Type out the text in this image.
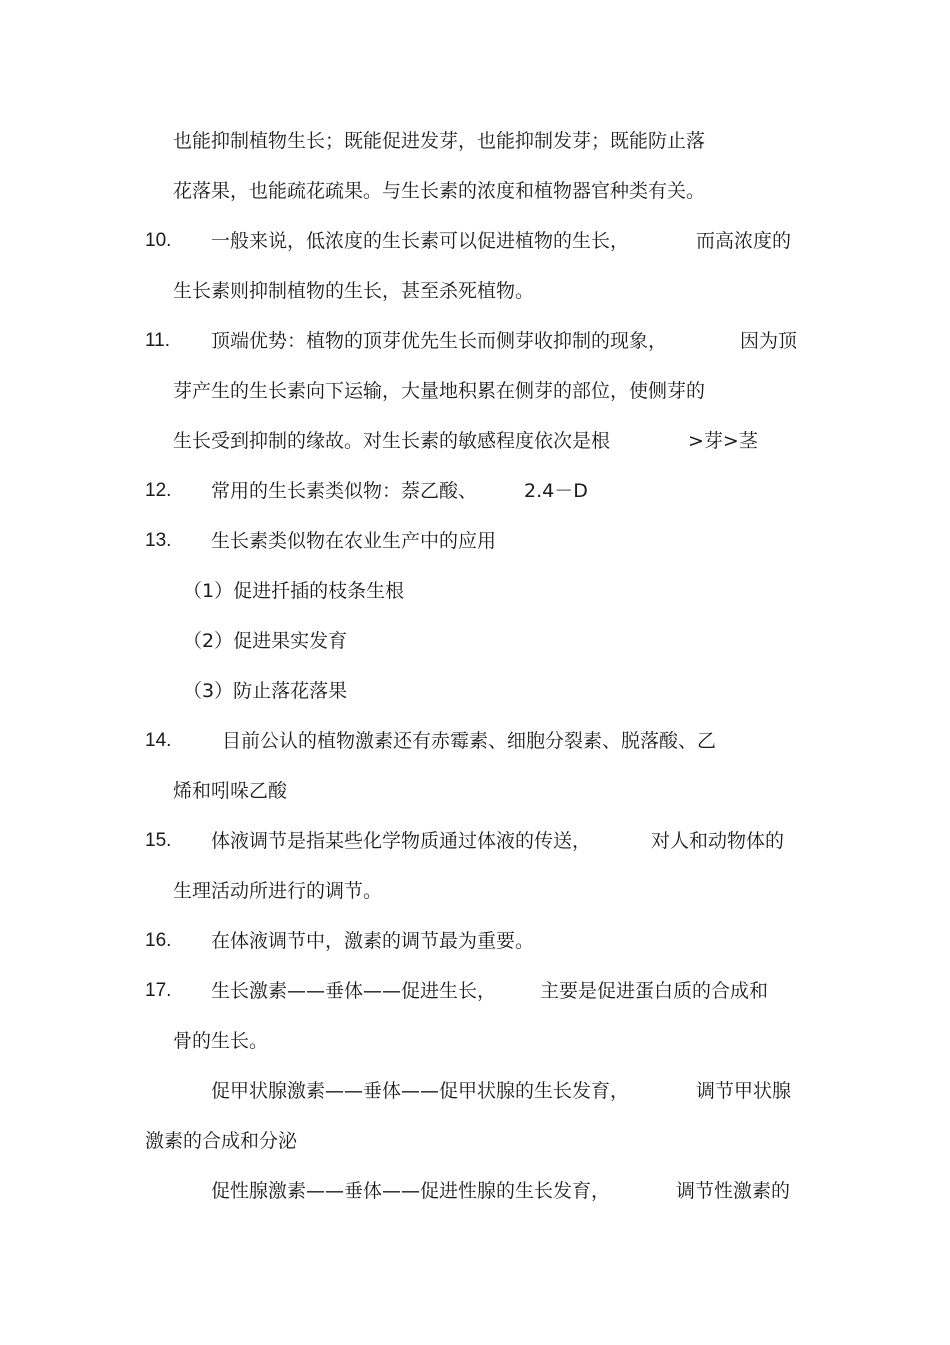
也能抑制植物生长；既能促进发芽，也能抑制发芽；既能防止落
花落果，也能疏花疏果。与生长素的浓度和植物器官种类有关。
10. 一般来说，低浓度的生长素可以促进植物的生长，	而高浓度的
生长素则抑制植物的生长，甚至杀死植物。
11. 顶端优势：植物的顶芽优先生长而侧芽收抑制的现象，	因为顶
芽产生的生长素向下运输，大量地积累在侧芽的部位，使侧芽的
生长受到抑制的缘故。对生长素的敏感程度依次是根	>芽>茎
12. 常用的生长素类似物：萘乙酸、 2.4－D
13. 生长素类似物在农业生产中的应用
（1）促进扦插的枝条生根
（2）促进果实发育
（3）防止落花落果
14.	目前公认的植物激素还有赤霉素、细胞分裂素、脱落酸、乙
烯和吲哚乙酸
15. 体液调节是指某些化学物质通过体液的传送，	对人和动物体的
生理活动所进行的调节。
16. 在体液调节中，激素的调节最为重要。
17. 生长激素——垂体——促进生长， 主要是促进蛋白质的合成和
骨的生长。
促甲状腺激素——垂体——促甲状腺的生长发育，	调节甲状腺
激素的合成和分泌
促性腺激素——垂体——促进性腺的生长发育，	调节性激素的
